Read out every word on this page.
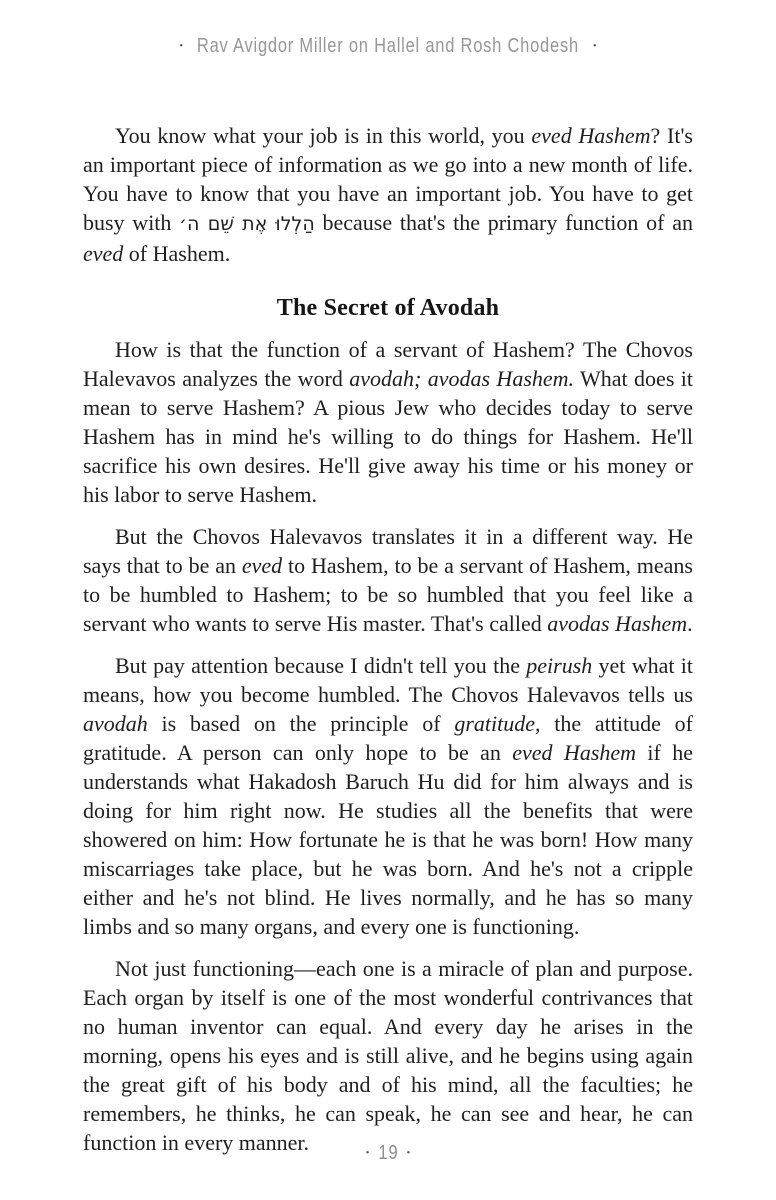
• Rav Avigdor Miller on Hallel and Rosh Chodesh •

You know what your job is in this world, you eved Hashem? It's an important piece of information as we go into a new month of life. You have to know that you have an important job. You have to get busy with הַלְלוּ אֶת שֵׁם ה׳ because that's the primary function of an eved of Hashem.

The Secret of Avodah

How is that the function of a servant of Hashem? The Chovos Halevavos analyzes the word avodah; avodas Hashem. What does it mean to serve Hashem? A pious Jew who decides today to serve Hashem has in mind he's willing to do things for Hashem. He'll sacrifice his own desires. He'll give away his time or his money or his labor to serve Hashem.

But the Chovos Halevavos translates it in a different way. He says that to be an eved to Hashem, to be a servant of Hashem, means to be humbled to Hashem; to be so humbled that you feel like a servant who wants to serve His master. That's called avodas Hashem.

But pay attention because I didn't tell you the peirush yet what it means, how you become humbled. The Chovos Halevavos tells us avodah is based on the principle of gratitude, the attitude of gratitude. A person can only hope to be an eved Hashem if he understands what Hakadosh Baruch Hu did for him always and is doing for him right now. He studies all the benefits that were showered on him: How fortunate he is that he was born! How many miscarriages take place, but he was born. And he's not a cripple either and he's not blind. He lives normally, and he has so many limbs and so many organs, and every one is functioning.

Not just functioning—each one is a miracle of plan and purpose. Each organ by itself is one of the most wonderful contrivances that no human inventor can equal. And every day he arises in the morning, opens his eyes and is still alive, and he begins using again the great gift of his body and of his mind, all the faculties; he remembers, he thinks, he can speak, he can see and hear, he can function in every manner.	• 19 •
